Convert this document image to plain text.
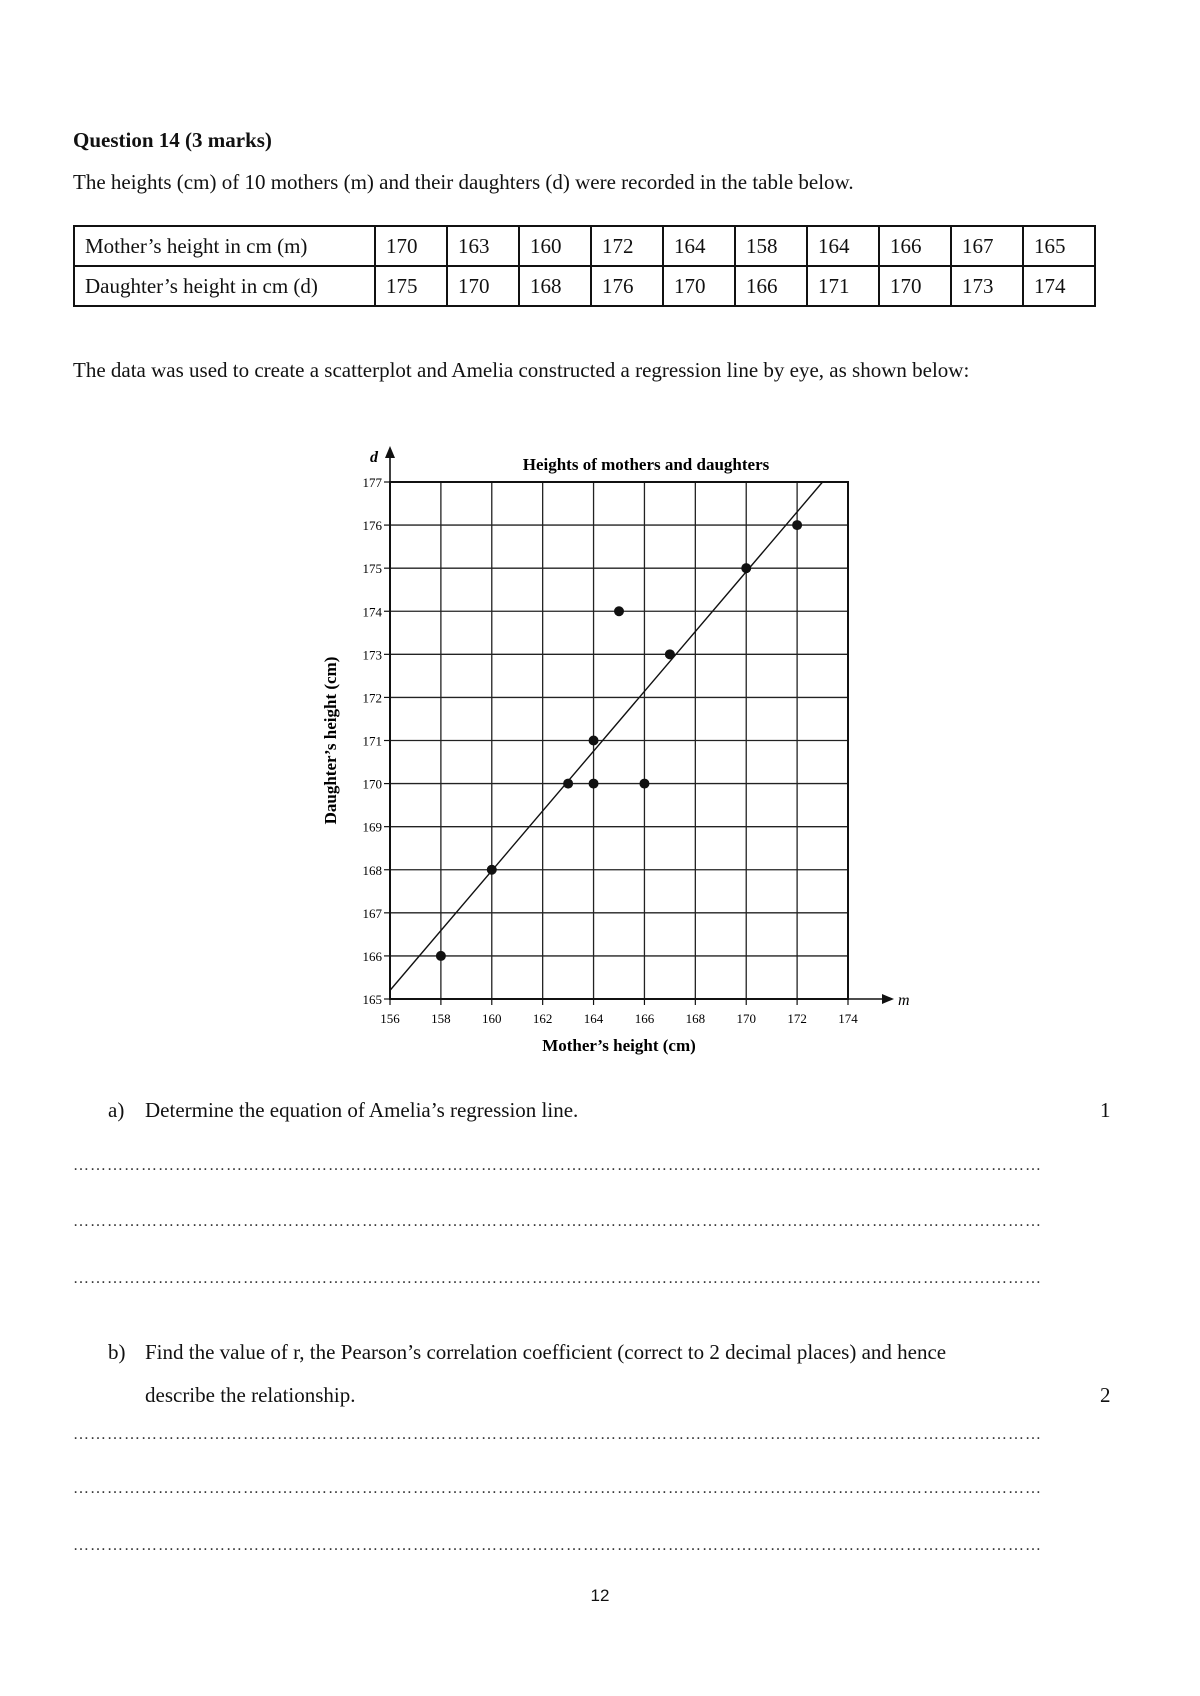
Question 14 (3 marks)
The heights (cm) of 10 mothers (m) and their daughters (d) were recorded in the table below.
Mother’s height in cm (m)	170	163	160	172	164	158	164	166	167	165
Daughter’s height in cm (d)	175	170	168	176	170	166	171	170	173	174
The data was used to create a scatterplot and Amelia constructed a regression line by eye, as shown below:
156 158 160 162 164 166 168 170 172 174
165
166
167
168
169
170
171
172
173
174
175
176
177
Heights of mothers and daughters
d
m
Mother’s height (cm)
Daughter’s height (cm)
a) Determine the equation of Amelia’s regression line.	1
………………………………………………………………………………………………………………………………………………………
………………………………………………………………………………………………………………………………………………………
………………………………………………………………………………………………………………………………………………………
b) Find the value of r, the Pearson’s correlation coefficient (correct to 2 decimal places) and hence
describe the relationship.	2
………………………………………………………………………………………………………………………………………………………
………………………………………………………………………………………………………………………………………………………
………………………………………………………………………………………………………………………………………………………
12
